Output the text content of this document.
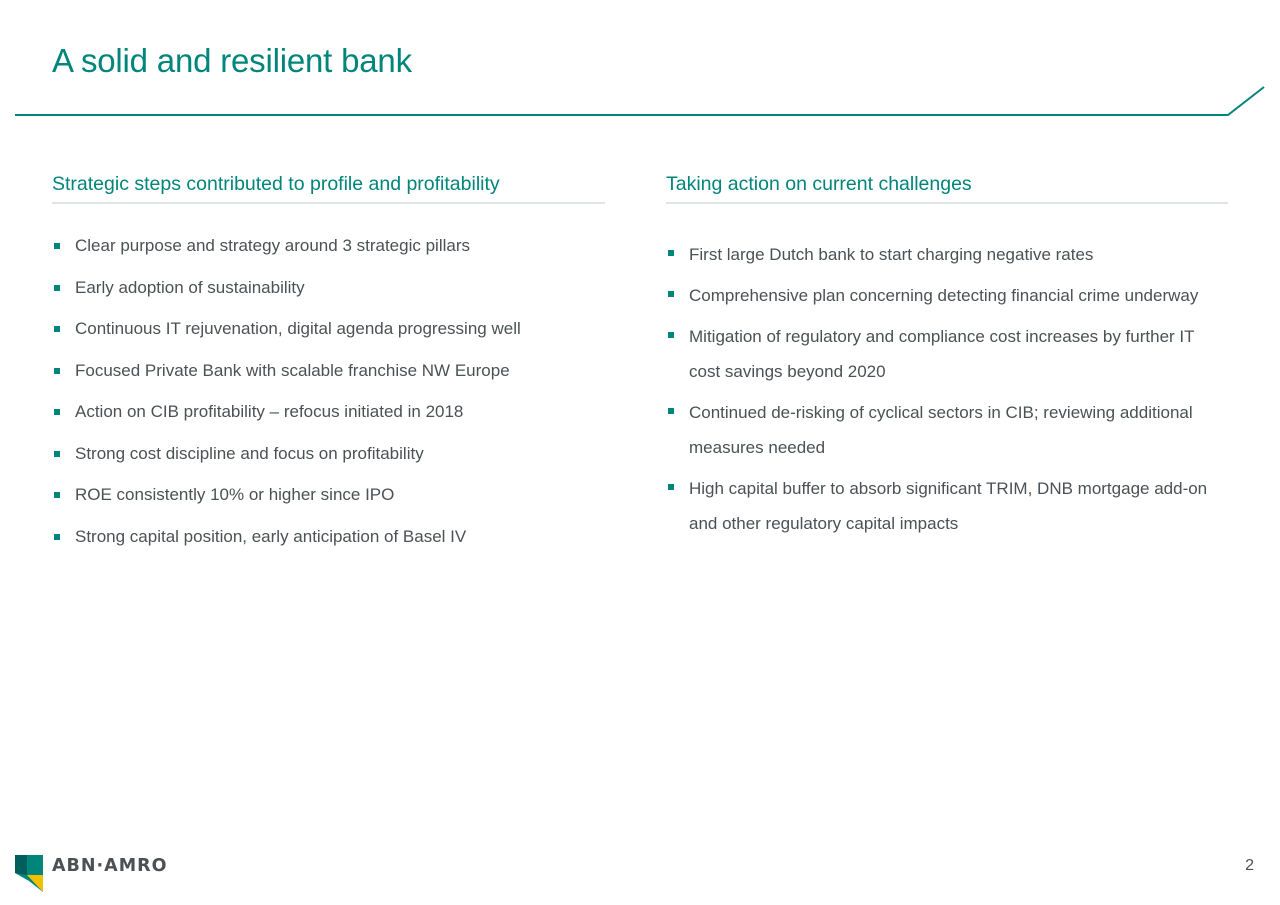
A solid and resilient bank
Strategic steps contributed to profile and profitability
Clear purpose and strategy around 3 strategic pillars
Early adoption of sustainability
Continuous IT rejuvenation, digital agenda progressing well
Focused Private Bank with scalable franchise NW Europe
Action on CIB profitability – refocus initiated in 2018
Strong cost discipline and focus on profitability
ROE consistently 10% or higher since IPO
Strong capital position, early anticipation of Basel IV
Taking action on current challenges
First large Dutch bank to start charging negative rates
Comprehensive plan concerning detecting financial crime underway
Mitigation of regulatory and compliance cost increases by further IT cost savings beyond 2020
Continued de-risking of cyclical sectors in CIB; reviewing additional measures needed
High capital buffer to absorb significant TRIM, DNB mortgage add-on and other regulatory capital impacts
ABN·AMRO	2
